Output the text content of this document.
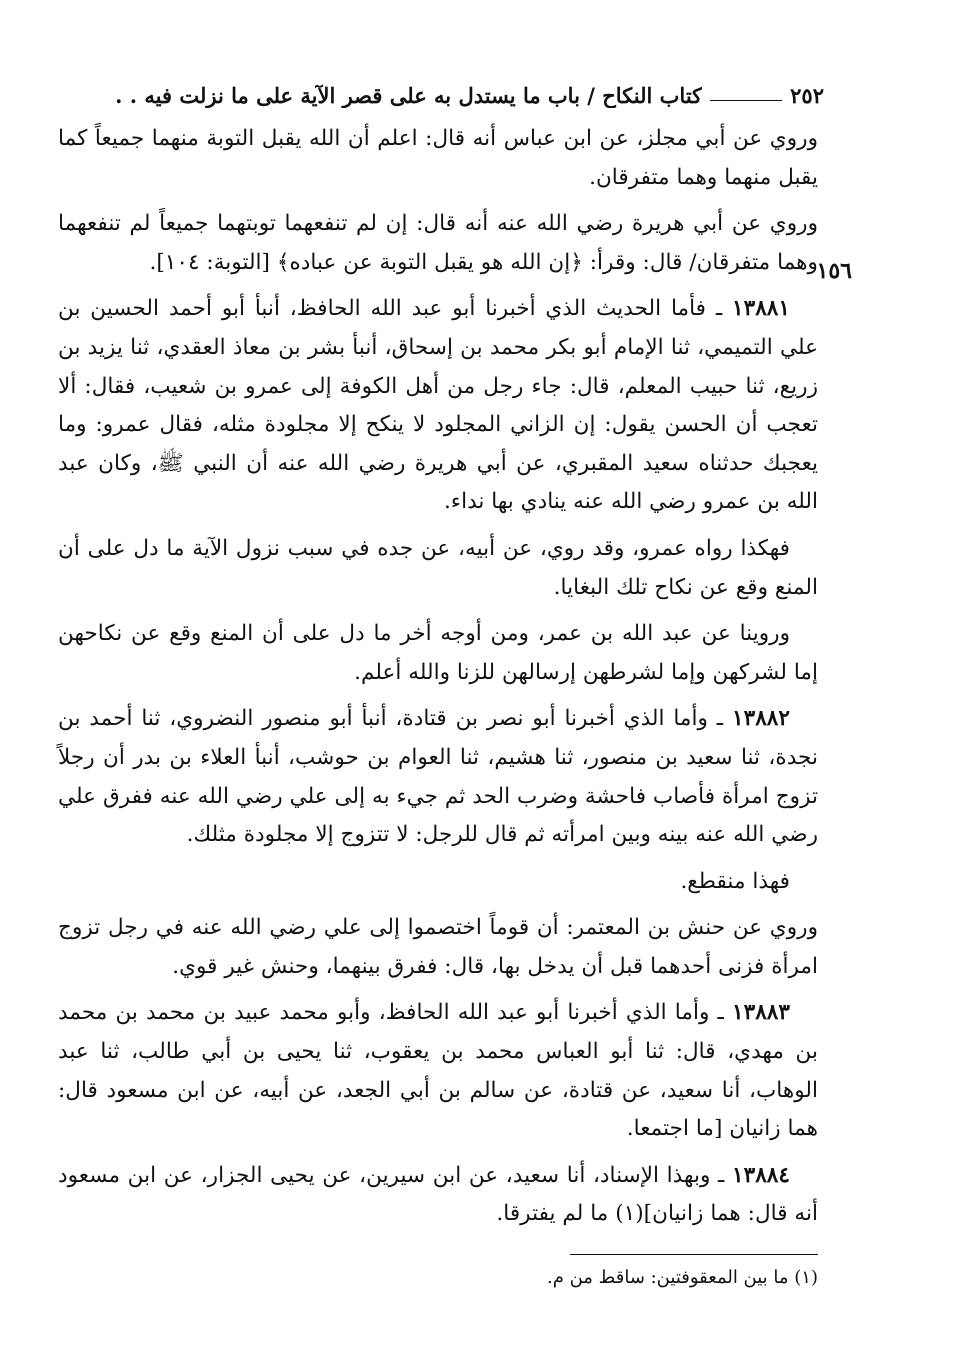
٢٥٢
كتاب النكاح / باب ما يستدل به على قصر الآية على ما نزلت فيه . .
١٥٦

وروي عن أبي مجلز، عن ابن عباس أنه قال: اعلم أن الله يقبل التوبة منهما جميعاً كما يقبل منهما وهما متفرقان.

وروي عن أبي هريرة رضي الله عنه أنه قال: إن لم تنفعهما توبتهما جميعاً لم تنفعهما وهما متفرقان/ قال: وقرأ: ﴿إن الله هو يقبل التوبة عن عباده﴾ [التوبة: ١٠٤].

١٣٨٨١ ـ فأما الحديث الذي أخبرنا أبو عبد الله الحافظ، أنبأ أبو أحمد الحسين بن علي التميمي، ثنا الإمام أبو بكر محمد بن إسحاق، أنبأ بشر بن معاذ العقدي، ثنا يزيد بن زريع، ثنا حبيب المعلم، قال: جاء رجل من أهل الكوفة إلى عمرو بن شعيب، فقال: ألا تعجب أن الحسن يقول: إن الزاني المجلود لا ينكح إلا مجلودة مثله، فقال عمرو: وما يعجبك حدثناه سعيد المقبري، عن أبي هريرة رضي الله عنه أن النبي ﷺ، وكان عبد الله بن عمرو رضي الله عنه ينادي بها نداء.

فهكذا رواه عمرو، وقد روي، عن أبيه، عن جده في سبب نزول الآية ما دل على أن المنع وقع عن نكاح تلك البغايا.

وروينا عن عبد الله بن عمر، ومن أوجه أخر ما دل على أن المنع وقع عن نكاحهن إما لشركهن وإما لشرطهن إرسالهن للزنا والله أعلم.

١٣٨٨٢ ـ وأما الذي أخبرنا أبو نصر بن قتادة، أنبأ أبو منصور النضروي، ثنا أحمد بن نجدة، ثنا سعيد بن منصور، ثنا هشيم، ثنا العوام بن حوشب، أنبأ العلاء بن بدر أن رجلاً تزوج امرأة فأصاب فاحشة وضرب الحد ثم جيء به إلى علي رضي الله عنه ففرق علي رضي الله عنه بينه وبين امرأته ثم قال للرجل: لا تتزوج إلا مجلودة مثلك.

فهذا منقطع.

وروي عن حنش بن المعتمر: أن قوماً اختصموا إلى علي رضي الله عنه في رجل تزوج امرأة فزنى أحدهما قبل أن يدخل بها، قال: ففرق بينهما، وحنش غير قوي.

١٣٨٨٣ ـ وأما الذي أخبرنا أبو عبد الله الحافظ، وأبو محمد عبيد بن محمد بن محمد بن مهدي، قال: ثنا أبو العباس محمد بن يعقوب، ثنا يحيى بن أبي طالب، ثنا عبد الوهاب، أنا سعيد، عن قتادة، عن سالم بن أبي الجعد، عن أبيه، عن ابن مسعود قال: هما زانيان [ما اجتمعا.

١٣٨٨٤ ـ وبهذا الإسناد، أنا سعيد، عن ابن سيرين، عن يحيى الجزار، عن ابن مسعود أنه قال: هما زانيان](١) ما لم يفترقا.

(١) ما بين المعقوفتين: ساقط من م.
